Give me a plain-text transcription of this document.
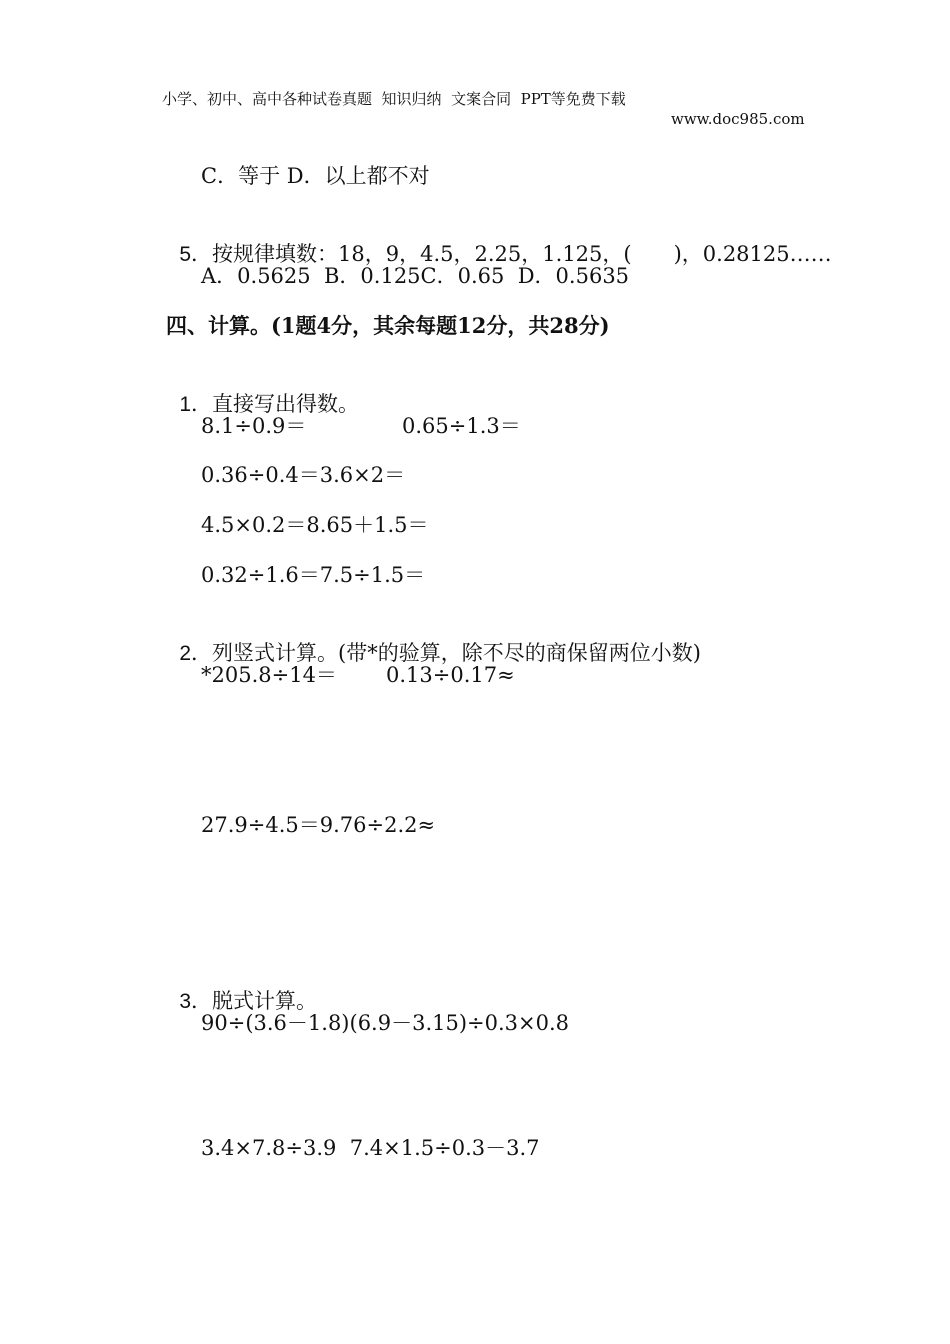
小学、初中、高中各种试卷真题  知识归纳  文案合同  PPT等免费下载

www.doc985.com

C．等于 D．以上都不对

5．按规律填数：18，9，4.5，2.25，1.125，(　　)，0.28125……

A．0.5625  B．0.125C．0.65  D．0.5635
四、计算。(1题4分，其余每题12分，共28分)

1．直接写出得数。

8.1÷0.9＝	0.65÷1.3＝
0.36÷0.4＝3.6×2＝
4.5×0.2＝8.65＋1.5＝
0.32÷1.6＝7.5÷1.5＝

2．列竖式计算。(带*的验算，除不尽的商保留两位小数)

*205.8÷14＝ 0.13÷0.17≈
27.9÷4.5＝9.76÷2.2≈

3．脱式计算。

90÷(3.6－1.8)(6.9－3.15)÷0.3×0.8
3.4×7.8÷3.9  7.4×1.5÷0.3－3.7
